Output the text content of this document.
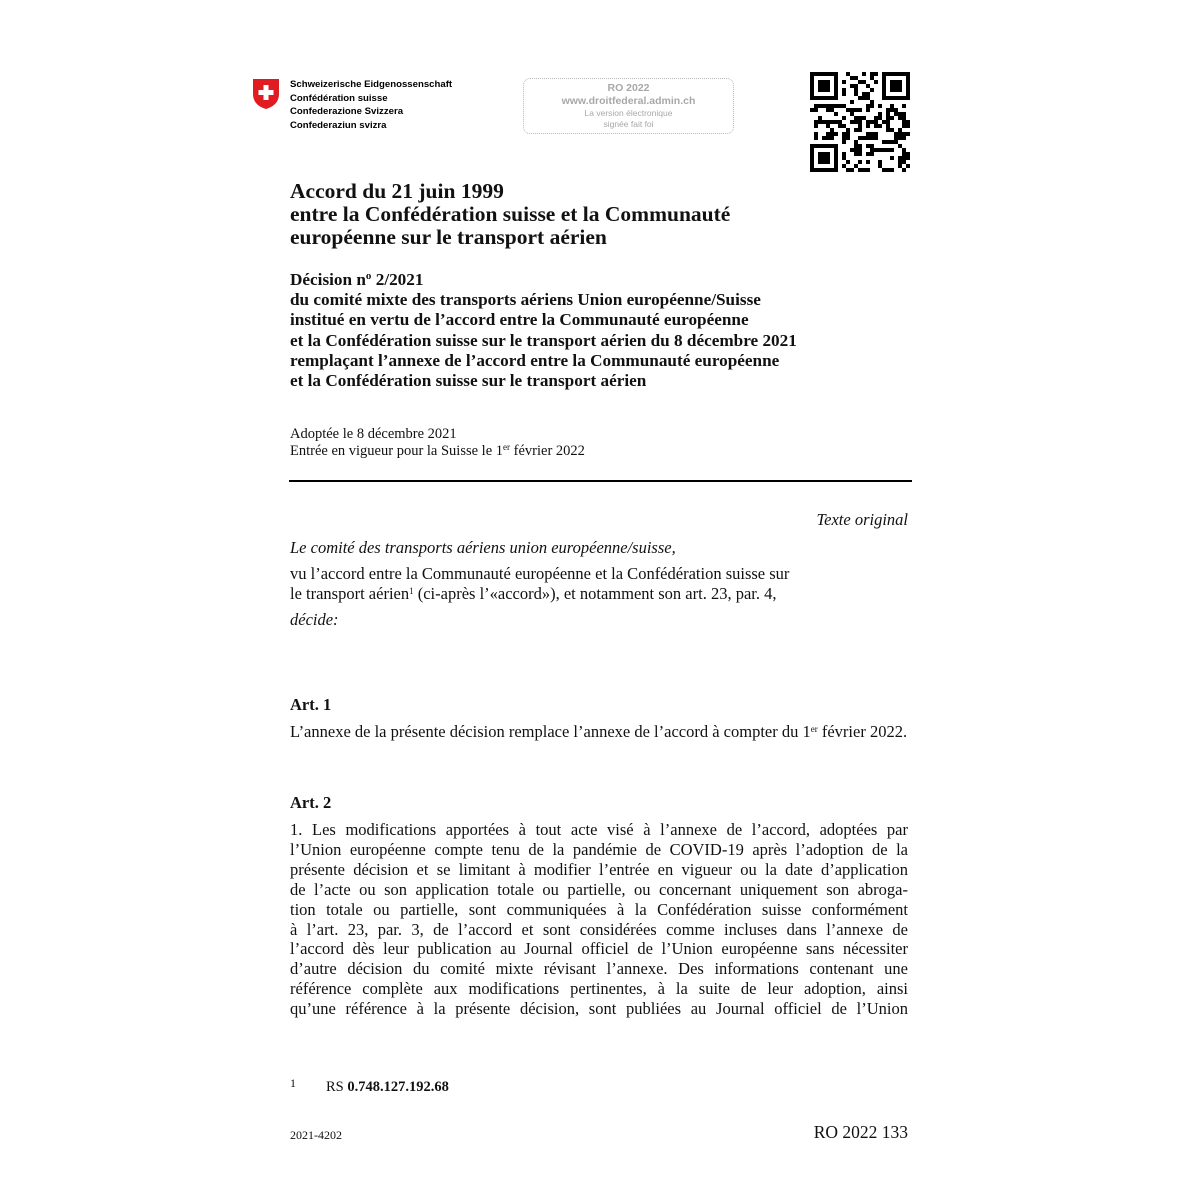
Schweizerische Eidgenossenschaft
Confédération suisse
Confederazione Svizzera
Confederaziun svizra
RO 2022
www.droitfederal.admin.ch
La version électronique
signée fait foi
Accord du 21 juin 1999
entre la Confédération suisse et la Communauté
européenne sur le transport aérien
Décision $n^o$ 2/2021
du comité mixte des transports aériens Union européenne/Suisse
institué en vertu de l’accord entre la Communauté européenne
et la Confédération suisse sur le transport aérien du 8 décembre 2021
remplaçant l’annexe de l’accord entre la Communauté européenne
et la Confédération suisse sur le transport aérien
Adoptée le 8 décembre 2021
Entrée en vigueur pour la Suisse le 1er février 2022
Texte original
Le comité des transports aériens union européenne/suisse,
vu l’accord entre la Communauté européenne et la Confédération suisse sur
le transport aérien$^1$ (ci-après l’«accord»), et notamment son art. 23, par. 4,
décide:
Art. 1
L’annexe de la présente décision remplace l’annexe de l’accord à compter du 1er février 2022.
Art. 2
1. Les modifications apportées à tout acte visé à l’annexe de l’accord, adoptées par
l’Union européenne compte tenu de la pandémie de COVID-19 après l’adoption de la
présente décision et se limitant à modifier l’entrée en vigueur ou la date d’application
de l’acte ou son application totale ou partielle, ou concernant uniquement son abroga-
tion totale ou partielle, sont communiquées à la Confédération suisse conformément
à l’art. 23, par. 3, de l’accord et sont considérées comme incluses dans l’annexe de
l’accord dès leur publication au Journal officiel de l’Union européenne sans nécessiter
d’autre décision du comité mixte révisant l’annexe. Des informations contenant une
référence complète aux modifications pertinentes, à la suite de leur adoption, ainsi
qu’une référence à la présente décision, sont publiées au Journal officiel de l’Union
1 RS 0.748.127.192.68
2021-4202	RO 2022 133
